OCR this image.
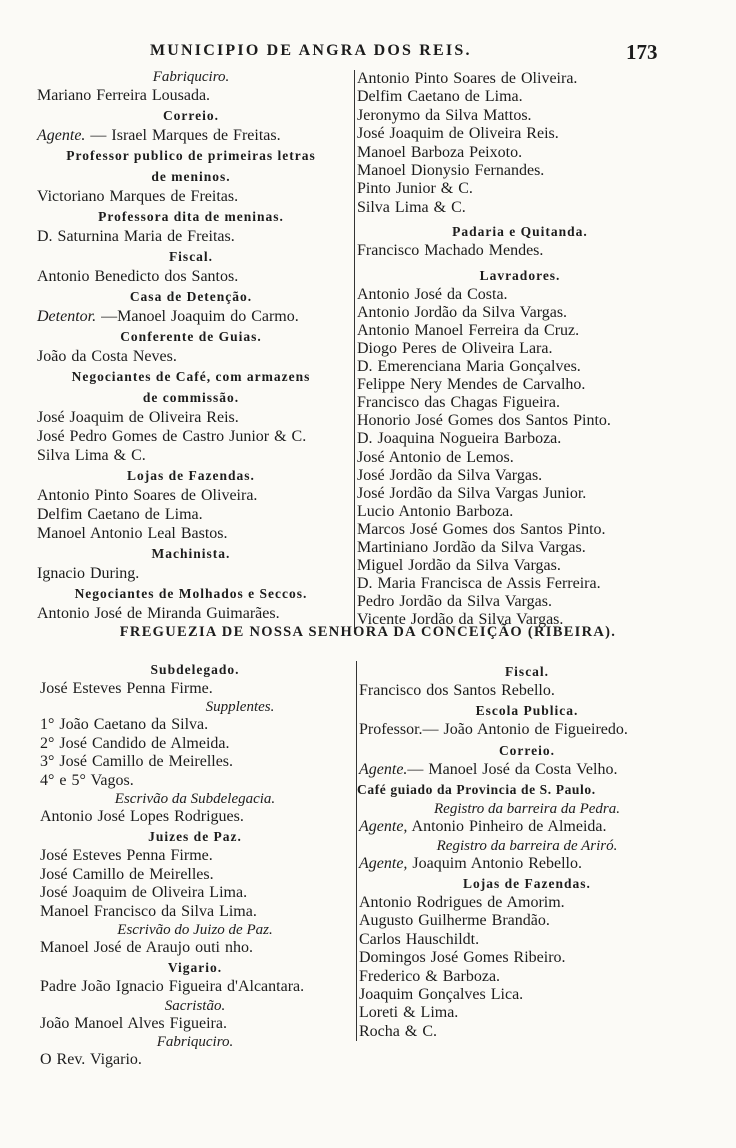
MUNICIPIO DE ANGRA DOS REIS.	173
Fabriquciro.
Mariano Ferreira Lousada.
Correio.
Agente. — Israel Marques de Freitas.
Professor publico de primeiras letras
de meninos.
Victoriano Marques de Freitas.
Professora dita de meninas.
D. Saturnina Maria de Freitas.
Fiscal.
Antonio Benedicto dos Santos.
Casa de Detenção.
Detentor. —Manoel Joaquim do Carmo.
Conferente de Guias.
João da Costa Neves.
Negociantes de Café, com armazens
de commissão.
José Joaquim de Oliveira Reis.
José Pedro Gomes de Castro Junior & C.
Silva Lima & C.
Lojas de Fazendas.
Antonio Pinto Soares de Oliveira.
Delfim Caetano de Lima.
Manoel Antonio Leal Bastos.
Machinista.
Ignacio During.
Negociantes de Molhados e Seccos.
Antonio José de Miranda Guimarães.
Antonio Pinto Soares de Oliveira.
Delfim Caetano de Lima.
Jeronymo da Silva Mattos.
José Joaquim de Oliveira Reis.
Manoel Barboza Peixoto.
Manoel Dionysio Fernandes.
Pinto Junior & C.
Silva Lima & C.
Padaria e Quitanda.
Francisco Machado Mendes.
Lavradores.
Antonio José da Costa.
Antonio Jordão da Silva Vargas.
Antonio Manoel Ferreira da Cruz.
Diogo Peres de Oliveira Lara.
D. Emerenciana Maria Gonçalves.
Felippe Nery Mendes de Carvalho.
Francisco das Chagas Figueira.
Honorio José Gomes dos Santos Pinto.
D. Joaquina Nogueira Barboza.
José Antonio de Lemos.
José Jordão da Silva Vargas.
José Jordão da Silva Vargas Junior.
Lucio Antonio Barboza.
Marcos José Gomes dos Santos Pinto.
Martiniano Jordão da Silva Vargas.
Miguel Jordão da Silva Vargas.
D. Maria Francisca de Assis Ferreira.
Pedro Jordão da Silva Vargas.
Vicente Jordão da Silva Vargas.
FREGUEZIA DE NOSSA SENHORA DA CONCEIÇÃO (RIBEIRA).
Subdelegado.
José Esteves Penna Firme.
Supplentes.
1° João Caetano da Silva.
2° José Candido de Almeida.
3° José Camillo de Meirelles.
4° e 5° Vagos.
Escrivão da Subdelegacia.
Antonio José Lopes Rodrigues.
Juizes de Paz.
José Esteves Penna Firme.
José Camillo de Meirelles.
José Joaquim de Oliveira Lima.
Manoel Francisco da Silva Lima.
Escrivão do Juizo de Paz.
Manoel José de Araujo outi nho.
Vigario.
Padre João Ignacio Figueira d'Alcantara.
Sacristão.
João Manoel Alves Figueira.
Fabriquciro.
O Rev. Vigario.
Fiscal.
Francisco dos Santos Rebello.
Escola Publica.
Professor.— João Antonio de Figueiredo.
Correio.
Agente.— Manoel José da Costa Velho.
Café guiado da Provincia de S. Paulo.
Registro da barreira da Pedra.
Agente, Antonio Pinheiro de Almeida.
Registro da barreira de Ariró.
Agente, Joaquim Antonio Rebello.
Lojas de Fazendas.
Antonio Rodrigues de Amorim.
Augusto Guilherme Brandão.
Carlos Hauschildt.
Domingos José Gomes Ribeiro.
Frederico & Barboza.
Joaquim Gonçalves Lica.
Loreti & Lima.
Rocha & C.
